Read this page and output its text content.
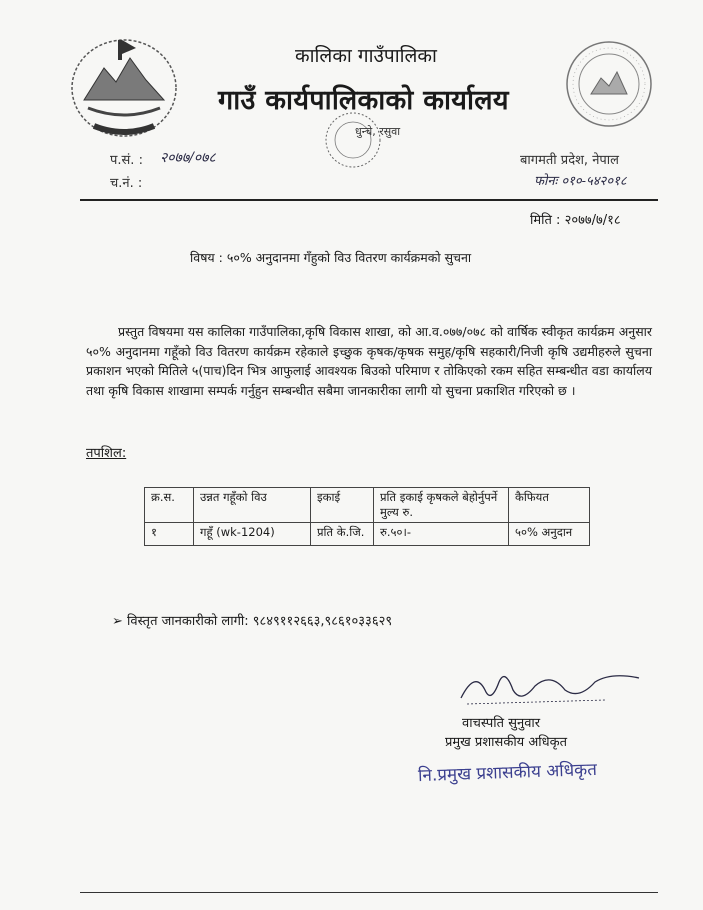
कालिका गाउँपालिका
गाउँ कार्यपालिकाको कार्यालय
धुन्चे, रसुवा
प.सं. : २०७७/०७८
च.नं. :
बागमती प्रदेश, नेपाल
फोनः ०१०-५४२०१८
मिति : २०७७/७/१८
विषय : ५०% अनुदानमा गँहुको विउ वितरण कार्यक्रमको सुचना

प्रस्तुत विषयमा यस कालिका गाउँपालिका,कृषि विकास शाखा, को आ.व.०७७/०७८ को वार्षिक स्वीकृत कार्यक्रम अनुसार ५०% अनुदानमा गहूँको विउ वितरण कार्यक्रम रहेकाले इच्छुक कृषक/कृषक समुह/कृषि सहकारी/निजी कृषि उद्यमीहरुले सुचना प्रकाशन भएको मितिले ५(पाच)दिन भित्र आफुलाई आवश्यक बिउको परिमाण र तोकिएको रकम सहित सम्बन्धीत वडा कार्यालय तथा कृषि विकास शाखामा सम्पर्क गर्नुहुन सम्बन्धीत सबैमा जानकारीका लागी यो सुचना प्रकाशित गरिएको छ ।

तपशिल:
क्र.स.	उन्नत गहूँको विउ	इकाई	प्रति इकाई कृषकले बेहोर्नुपर्ने मुल्य रु.	कैफियत
१	गहूँ (wk-1204)	प्रति के.जि.	रु.५०।-	५०% अनुदान
➢ विस्तृत जानकारीको लागी: ९८४९११२६६३,९८६१०३३६२९
वाचस्पति सुनुवार
प्रमुख प्रशासकीय अधिकृत
नि.प्रमुख प्रशासकीय अधिकृत
